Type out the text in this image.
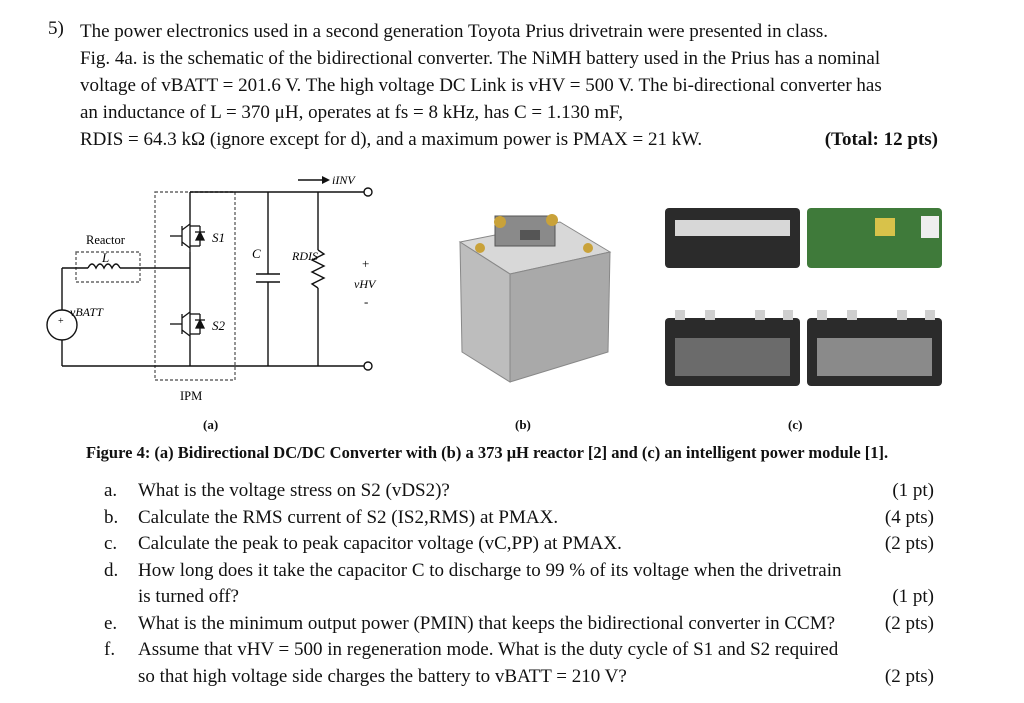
5) The power electronics used in a second generation Toyota Prius drivetrain were presented in class.
Fig. 4a. is the schematic of the bidirectional converter. The NiMH battery used in the Prius has a nominal
voltage of vBATT = 201.6 V. The high voltage DC Link is vHV = 500 V. The bi-directional converter has
an inductance of L = 370 μH, operates at fs = 8 kHz, has C = 1.130 mF,
RDIS = 64.3 kΩ (ignore except for d), and a maximum power is PMAX = 21 kW.	(Total: 12 pts)
+
Reactor
L
vBATT
S1
S2
C	RDIS
iINV
+
vHV
-
IPM
(a)	(b)	(c)
Figure 4: (a) Bidirectional DC/DC Converter with (b) a 373 μH reactor [2] and (c) an intelligent power module [1].
a. What is the voltage stress on S2 (vDS2)?	(1 pt)
b. Calculate the RMS current of S2 (IS2,RMS) at PMAX.	(4 pts)
c. Calculate the peak to peak capacitor voltage (vC,PP) at PMAX.	(2 pts)
d. How long does it take the capacitor C to discharge to 99 % of its voltage when the drivetrain is turned off?	(1 pt)
e. What is the minimum output power (PMIN) that keeps the bidirectional converter in CCM?	(2 pts)
f. Assume that vHV = 500 in regeneration mode. What is the duty cycle of S1 and S2 required so that high voltage side charges the battery to vBATT = 210 V?	(2 pts)
